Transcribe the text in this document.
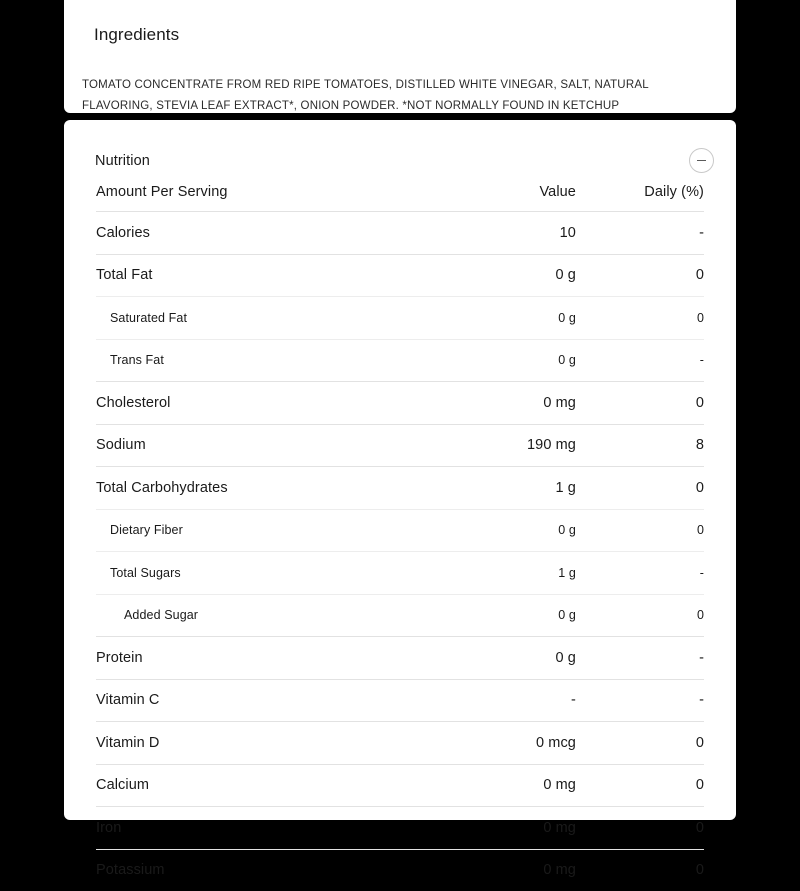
Ingredients

TOMATO CONCENTRATE FROM RED RIPE TOMATOES, DISTILLED WHITE VINEGAR, SALT, NATURAL FLAVORING, STEVIA LEAF EXTRACT*, ONION POWDER. *NOT NORMALLY FOUND IN KETCHUP

Nutrition
Amount Per Serving	Value	Daily (%)
Calories	10	-
Total Fat	0 g	0
Saturated Fat	0 g	0
Trans Fat	0 g	-
Cholesterol	0 mg	0
Sodium	190 mg	8
Total Carbohydrates	1 g	0
Dietary Fiber	0 g	0
Total Sugars	1 g	-
Added Sugar	0 g	0
Protein	0 g	-
Vitamin C	-	-
Vitamin D	0 mcg	0
Calcium	0 mg	0
Iron	0 mg	0
Potassium	0 mg	0
